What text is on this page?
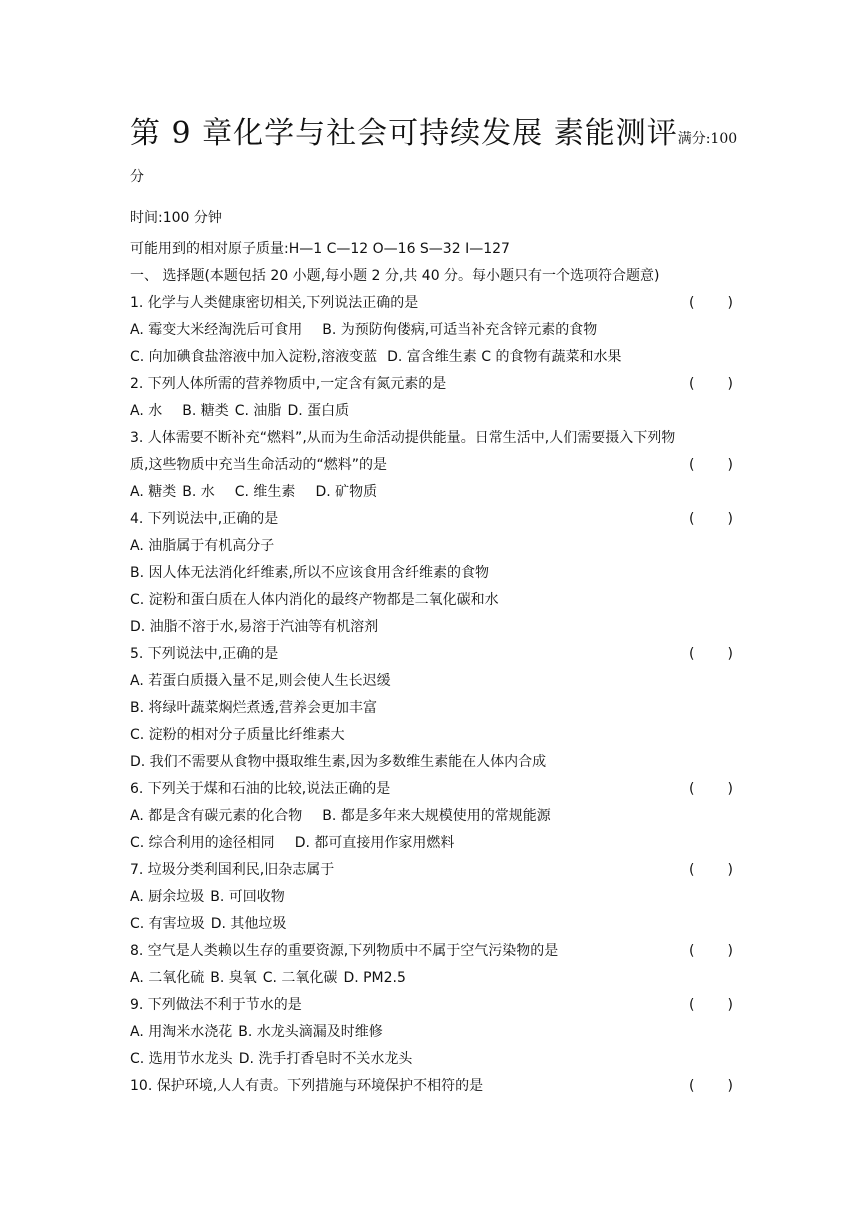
第 9 章化学与社会可持续发展 素能测评满分:100
分
时间:100 分钟
可能用到的相对原子质量:H—1 C—12 O—16 S—32 I—127
一、 选择题(本题包括 20 小题,每小题 2 分,共 40 分。每小题只有一个选项符合题意)
1. 化学与人类健康密切相关,下列说法正确的是	( )
A. 霉变大米经淘洗后可食用 B. 为预防佝偻病,可适当补充含锌元素的食物
C. 向加碘食盐溶液中加入淀粉,溶液变蓝 D. 富含维生素 C 的食物有蔬菜和水果
2. 下列人体所需的营养物质中,一定含有氮元素的是	( )
A. 水 B. 糖类 C. 油脂 D. 蛋白质
3. 人体需要不断补充“燃料”,从而为生命活动提供能量。日常生活中,人们需要摄入下列物
质,这些物质中充当生命活动的“燃料”的是	( )
A. 糖类 B. 水 C. 维生素 D. 矿物质
4. 下列说法中,正确的是	( )
A. 油脂属于有机高分子
B. 因人体无法消化纤维素,所以不应该食用含纤维素的食物
C. 淀粉和蛋白质在人体内消化的最终产物都是二氧化碳和水
D. 油脂不溶于水,易溶于汽油等有机溶剂
5. 下列说法中,正确的是	( )
A. 若蛋白质摄入量不足,则会使人生长迟缓
B. 将绿叶蔬菜焖烂煮透,营养会更加丰富
C. 淀粉的相对分子质量比纤维素大
D. 我们不需要从食物中摄取维生素,因为多数维生素能在人体内合成
6. 下列关于煤和石油的比较,说法正确的是	( )
A. 都是含有碳元素的化合物 B. 都是多年来大规模使用的常规能源
C. 综合利用的途径相同 D. 都可直接用作家用燃料
7. 垃圾分类利国利民,旧杂志属于	( )
A. 厨余垃圾 B. 可回收物
C. 有害垃圾 D. 其他垃圾
8. 空气是人类赖以生存的重要资源,下列物质中不属于空气污染物的是	( )
A. 二氧化硫 B. 臭氧 C. 二氧化碳 D. PM2.5
9. 下列做法不利于节水的是	( )
A. 用淘米水浇花 B. 水龙头滴漏及时维修
C. 选用节水龙头 D. 洗手打香皂时不关水龙头
10. 保护环境,人人有责。下列措施与环境保护不相符的是	( )
